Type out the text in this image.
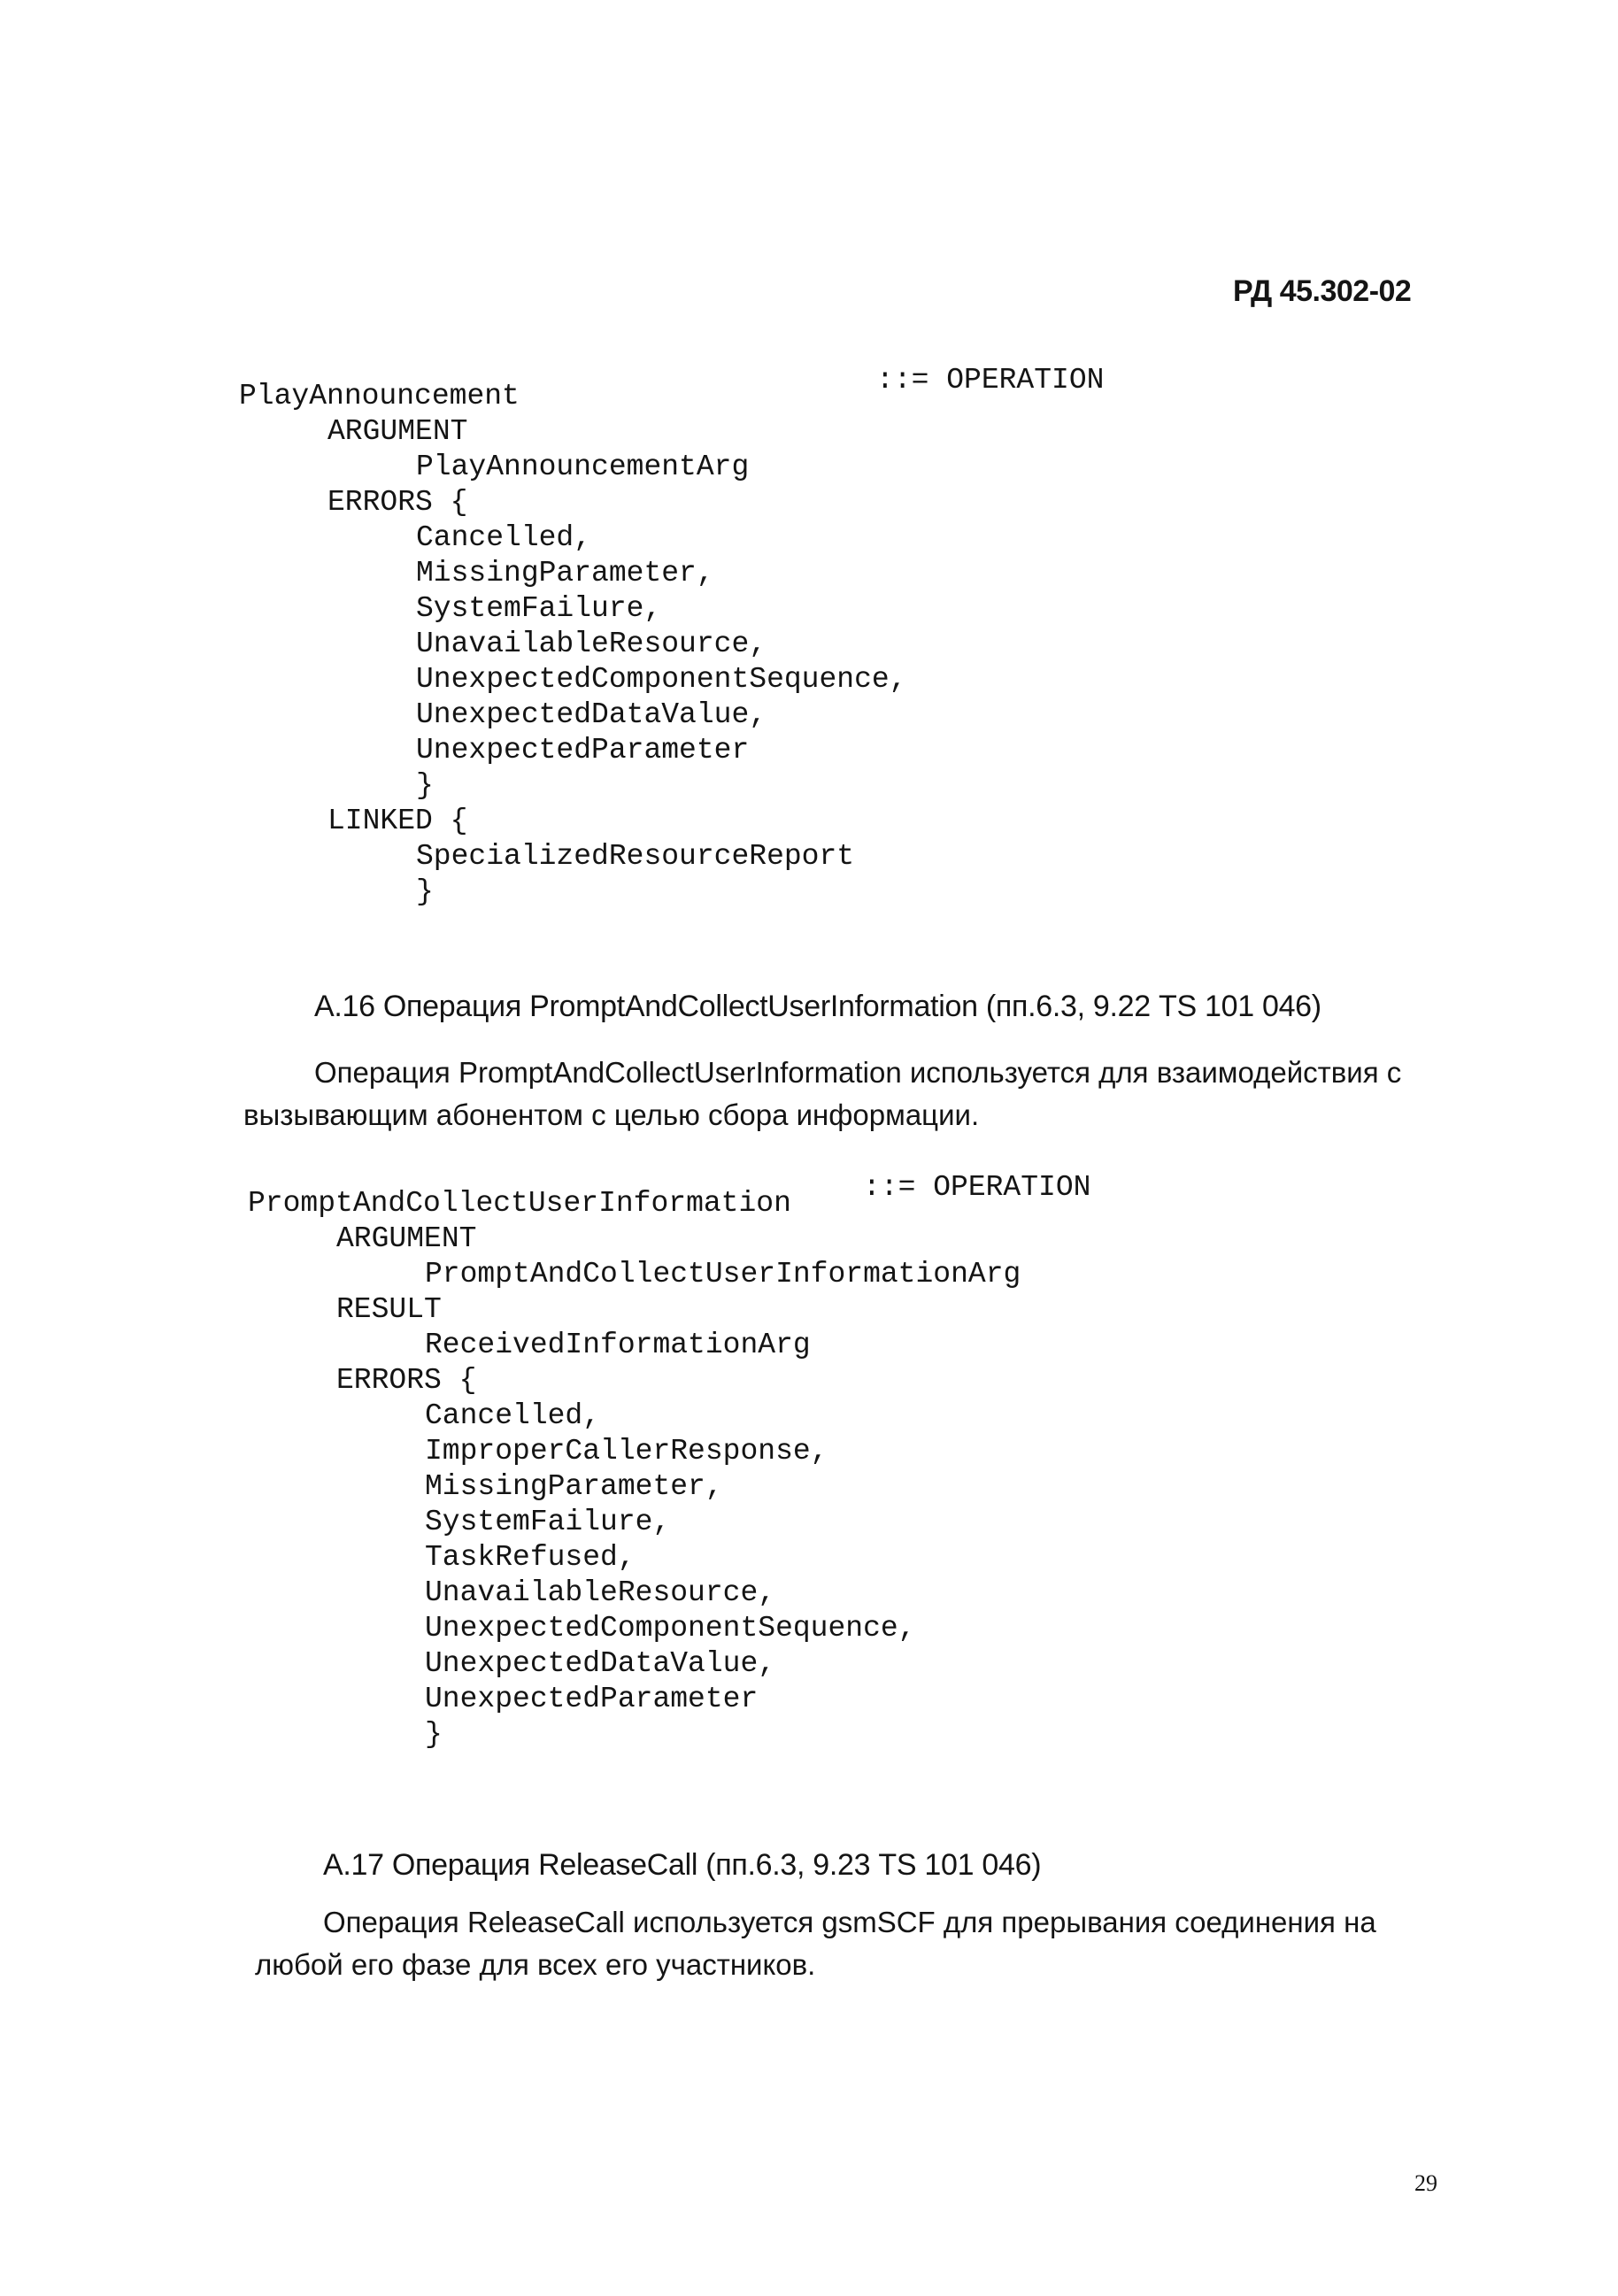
РД 45.302-02
::= OPERATION
PlayAnnouncement
ARGUMENT
PlayAnnouncementArg
ERRORS {
Cancelled,
MissingParameter,
SystemFailure,
UnavailableResource,
UnexpectedComponentSequence,
UnexpectedDataValue,
UnexpectedParameter
}
LINKED {
SpecializedResourceReport
}
А.16 Операция PromptAndCollectUserInformation (пп.6.3, 9.22 TS 101 046)
Операция PromptAndCollectUserInformation используется для взаимодействия с
вызывающим абонентом с целью сбора информации.
::= OPERATION
PromptAndCollectUserInformation
ARGUMENT
PromptAndCollectUserInformationArg
RESULT
ReceivedInformationArg
ERRORS {
Cancelled,
ImproperCallerResponse,
MissingParameter,
SystemFailure,
TaskRefused,
UnavailableResource,
UnexpectedComponentSequence,
UnexpectedDataValue,
UnexpectedParameter
}
А.17 Операция ReleaseCall (пп.6.3, 9.23 TS 101 046)
Операция ReleaseCall используется gsmSCF для прерывания соединения на
любой его фазе для всех его участников.
29
